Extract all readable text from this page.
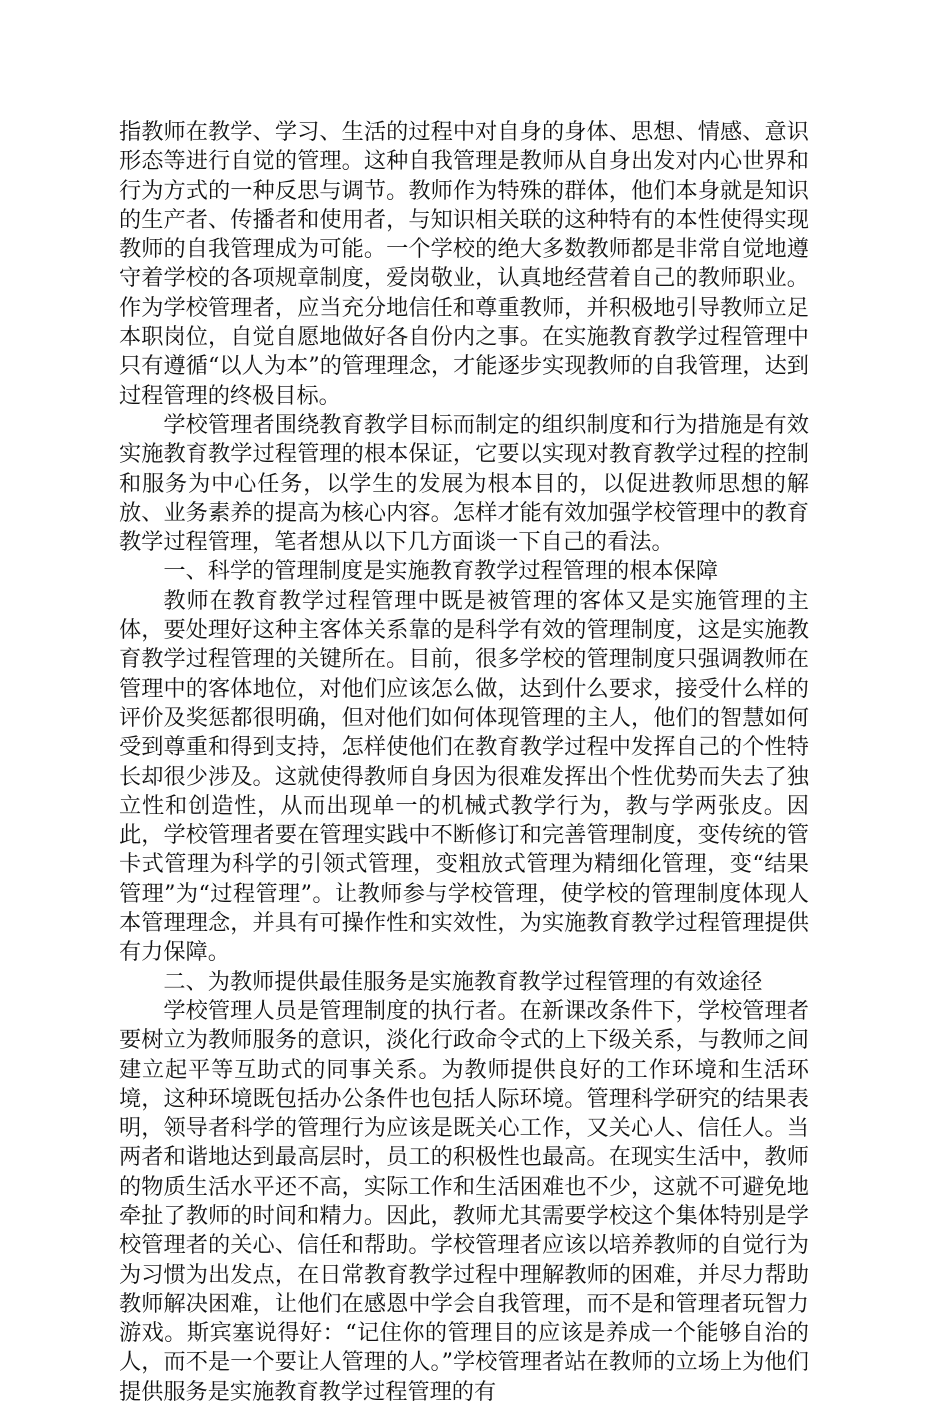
指教师在教学、学习、生活的过程中对自身的身体、思想、情感、意识形态等进行自觉的管理。这种自我管理是教师从自身出发对内心世界和行为方式的一种反思与调节。教师作为特殊的群体，他们本身就是知识的生产者、传播者和使用者，与知识相关联的这种特有的本性使得实现教师的自我管理成为可能。一个学校的绝大多数教师都是非常自觉地遵守着学校的各项规章制度，爱岗敬业，认真地经营着自己的教师职业。作为学校管理者，应当充分地信任和尊重教师，并积极地引导教师立足本职岗位，自觉自愿地做好各自份内之事。在实施教育教学过程管理中只有遵循“以人为本”的管理理念，才能逐步实现教师的自我管理，达到过程管理的终极目标。

学校管理者围绕教育教学目标而制定的组织制度和行为措施是有效实施教育教学过程管理的根本保证，它要以实现对教育教学过程的控制和服务为中心任务，以学生的发展为根本目的，以促进教师思想的解放、业务素养的提高为核心内容。怎样才能有效加强学校管理中的教育教学过程管理，笔者想从以下几方面谈一下自己的看法。

一、科学的管理制度是实施教育教学过程管理的根本保障

教师在教育教学过程管理中既是被管理的客体又是实施管理的主体，要处理好这种主客体关系靠的是科学有效的管理制度，这是实施教育教学过程管理的关键所在。目前，很多学校的管理制度只强调教师在管理中的客体地位，对他们应该怎么做，达到什么要求，接受什么样的评价及奖惩都很明确，但对他们如何体现管理的主人，他们的智慧如何受到尊重和得到支持，怎样使他们在教育教学过程中发挥自己的个性特长却很少涉及。这就使得教师自身因为很难发挥出个性优势而失去了独立性和创造性，从而出现单一的机械式教学行为，教与学两张皮。因此，学校管理者要在管理实践中不断修订和完善管理制度，变传统的管卡式管理为科学的引领式管理，变粗放式管理为精细化管理，变“结果管理”为“过程管理”。让教师参与学校管理，使学校的管理制度体现人本管理理念，并具有可操作性和实效性，为实施教育教学过程管理提供有力保障。

二、为教师提供最佳服务是实施教育教学过程管理的有效途径

学校管理人员是管理制度的执行者。在新课改条件下，学校管理者要树立为教师服务的意识，淡化行政命令式的上下级关系，与教师之间建立起平等互助式的同事关系。为教师提供良好的工作环境和生活环境，这种环境既包括办公条件也包括人际环境。管理科学研究的结果表明，领导者科学的管理行为应该是既关心工作，又关心人、信任人。当两者和谐地达到最高层时，员工的积极性也最高。在现实生活中，教师的物质生活水平还不高，实际工作和生活困难也不少，这就不可避免地牵扯了教师的时间和精力。因此，教师尤其需要学校这个集体特别是学校管理者的关心、信任和帮助。学校管理者应该以培养教师的自觉行为为习惯为出发点，在日常教育教学过程中理解教师的困难，并尽力帮助教师解决困难，让他们在感恩中学会自我管理，而不是和管理者玩智力游戏。斯宾塞说得好：“记住你的管理目的应该是养成一个能够自治的人，而不是一个要让人管理的人。”学校管理者站在教师的立场上为他们提供服务是实施教育教学过程管理的有
